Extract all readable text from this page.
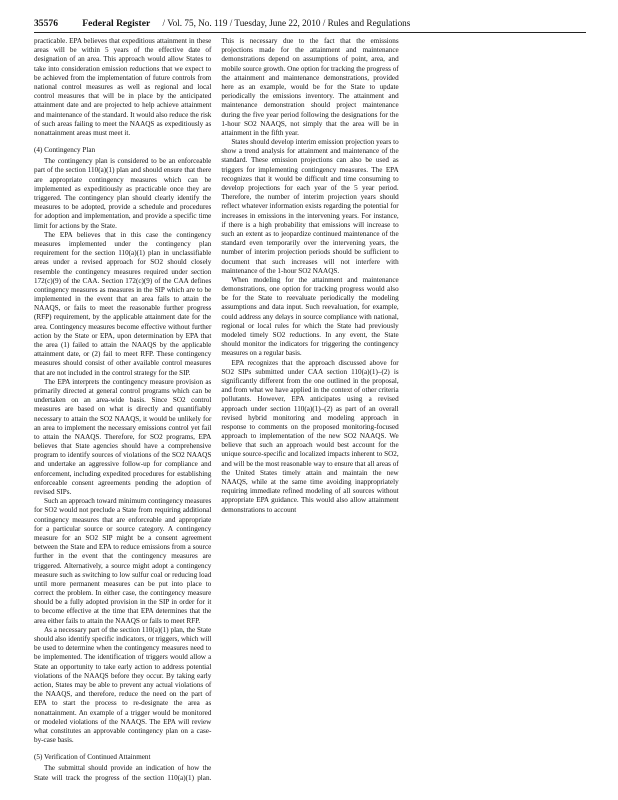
35576	Federal Register / Vol. 75, No. 119 / Tuesday, June 22, 2010 / Rules and Regulations

practicable. EPA believes that expeditious attainment in these areas will be within 5 years of the effective date of designation of an area. This approach would allow States to take into consideration emission reductions that we expect to be achieved from the implementation of future controls from national control measures as well as regional and local control measures that will be in place by the anticipated attainment date and are projected to help achieve attainment and maintenance of the standard. It would also reduce the risk of such areas failing to meet the NAAQS as expeditiously as nonattainment areas must meet it.

(4) Contingency Plan

The contingency plan is considered to be an enforceable part of the section 110(a)(1) plan and should ensure that there are appropriate contingency measures which can be implemented as expeditiously as practicable once they are triggered. The contingency plan should clearly identify the measures to be adopted, provide a schedule and procedures for adoption and implementation, and provide a specific time limit for actions by the State.

The EPA believes that in this case the contingency measures implemented under the contingency plan requirement for the section 110(a)(1) plan in unclassifiable areas under a revised approach for SO2 should closely resemble the contingency measures required under section 172(c)(9) of the CAA. Section 172(c)(9) of the CAA defines contingency measures as measures in the SIP which are to be implemented in the event that an area fails to attain the NAAQS, or fails to meet the reasonable further progress (RFP) requirement, by the applicable attainment date for the area. Contingency measures become effective without further action by the State or EPA, upon determination by EPA that the area (1) failed to attain the NAAQS by the applicable attainment date, or (2) fail to meet RFP. These contingency measures should consist of other available control measures that are not included in the control strategy for the SIP.

The EPA interprets the contingency measure provision as primarily directed at general control programs which can be undertaken on an area-wide basis. Since SO2 control measures are based on what is directly and quantifiably necessary to attain the SO2 NAAQS, it would be unlikely for an area to implement the necessary emissions control yet fail to attain the NAAQS. Therefore, for SO2 programs, EPA believes that State agencies should have a comprehensive program to identify sources of violations of the SO2 NAAQS and undertake an aggressive follow-up for compliance and enforcement, including expedited procedures for establishing enforceable consent agreements pending the adoption of revised SIPs.

Such an approach toward minimum contingency measures for SO2 would not preclude a State from requiring additional contingency measures that are enforceable and appropriate for a particular source or source category. A contingency measure for an SO2 SIP might be a consent agreement between the State and EPA to reduce emissions from a source further in the event that the contingency measures are triggered. Alternatively, a source might adopt a contingency measure such as switching to low sulfur coal or reducing load until more permanent measures can be put into place to correct the problem. In either case, the contingency measure should be a fully adopted provision in the SIP in order for it to become effective at the time that EPA determines that the area either fails to attain the NAAQS or fails to meet RFP.

As a necessary part of the section 110(a)(1) plan, the State should also identify specific indicators, or triggers, which will be used to determine when the contingency measures need to be implemented. The identification of triggers would allow a State an opportunity to take early action to address potential violations of the NAAQS before they occur. By taking early action, States may be able to prevent any actual violations of the NAAQS, and therefore, reduce the need on the part of EPA to start the process to re-designate the area as nonattainment. An example of a trigger would be monitored or modeled violations of the NAAQS. The EPA will review what constitutes an approvable contingency plan on a case-by-case basis.

(5) Verification of Continued Attainment

The submittal should provide an indication of how the State will track the progress of the section 110(a)(1) plan. This is necessary due to the fact that the emissions projections made for the attainment and maintenance demonstrations depend on assumptions of point, area, and mobile source growth. One option for tracking the progress of the attainment and maintenance demonstrations, provided here as an example, would be for the State to update periodically the emissions inventory. The attainment and maintenance demonstration should project maintenance during the five year period following the designations for the 1-hour SO2 NAAQS, not simply that the area will be in attainment in the fifth year.

States should develop interim emission projection years to show a trend analysis for attainment and maintenance of the standard. These emission projections can also be used as triggers for implementing contingency measures. The EPA recognizes that it would be difficult and time consuming to develop projections for each year of the 5 year period. Therefore, the number of interim projection years should reflect whatever information exists regarding the potential for increases in emissions in the intervening years. For instance, if there is a high probability that emissions will increase to such an extent as to jeopardize continued maintenance of the standard even temporarily over the intervening years, the number of interim projection periods should be sufficient to document that such increases will not interfere with maintenance of the 1-hour SO2 NAAQS.

When modeling for the attainment and maintenance demonstrations, one option for tracking progress would also be for the State to reevaluate periodically the modeling assumptions and data input. Such reevaluation, for example, could address any delays in source compliance with national, regional or local rules for which the State had previously modeled timely SO2 reductions. In any event, the State should monitor the indicators for triggering the contingency measures on a regular basis.

EPA recognizes that the approach discussed above for SO2 SIPs submitted under CAA section 110(a)(1)–(2) is significantly different from the one outlined in the proposal, and from what we have applied in the context of other criteria pollutants. However, EPA anticipates using a revised approach under section 110(a)(1)–(2) as part of an overall revised hybrid monitoring and modeling approach in response to comments on the proposed monitoring-focused approach to implementation of the new SO2 NAAQS. We believe that such an approach would best account for the unique source-specific and localized impacts inherent to SO2, and will be the most reasonable way to ensure that all areas of the United States timely attain and maintain the new NAAQS, while at the same time avoiding inappropriately requiring immediate refined modeling of all sources without appropriate EPA guidance. This would also allow attainment demonstrations to account
